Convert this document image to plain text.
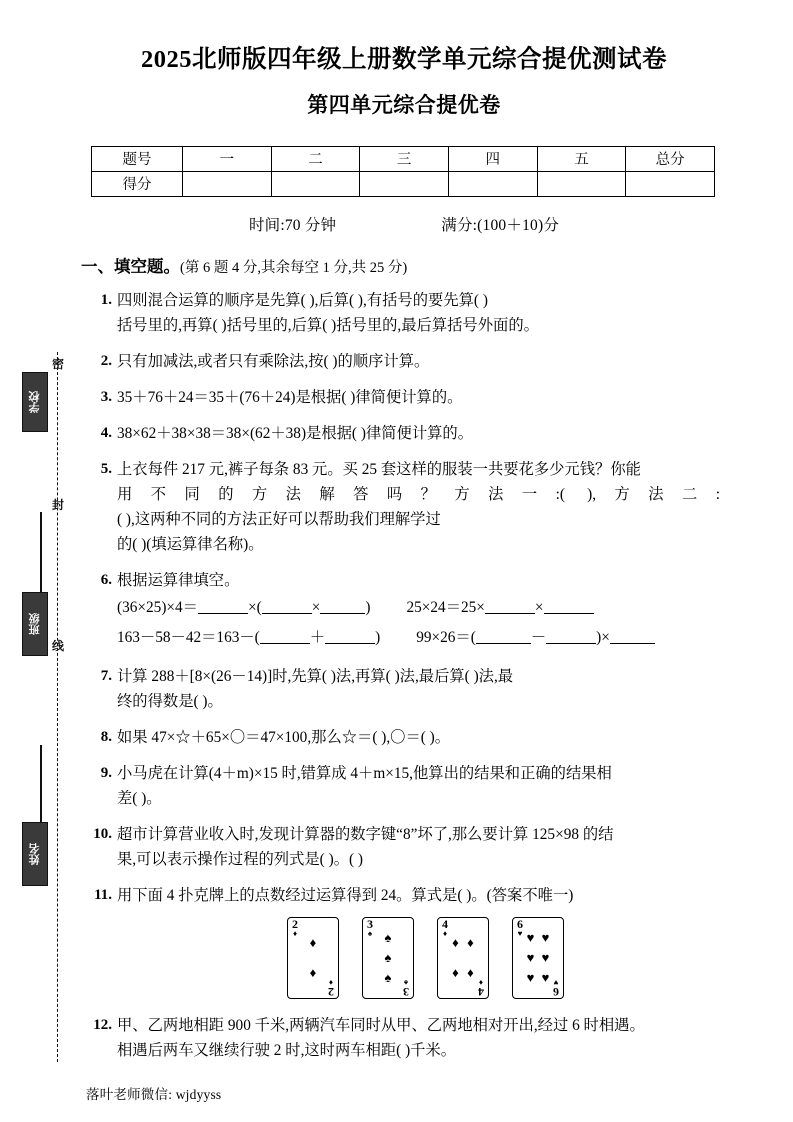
密
封
线
学校
班级
姓名
2025北师版四年级上册数学单元综合提优测试卷
第四单元综合提优卷
题号	一	二	三	四	五	总分
得分						
时间:70 分钟	满分:(100＋10)分
一、填空题。(第 6 题 4 分,其余每空 1 分,共 25 分)
1. 四则混合运算的顺序是先算( ),后算( ),有括号的要先算( )
括号里的,再算( )括号里的,后算( )括号里的,最后算括号外面的。
2. 只有加减法,或者只有乘除法,按( )的顺序计算。
3. 35＋76＋24＝35＋(76＋24)是根据( )律简便计算的。
4. 38×62＋38×38＝38×(62＋38)是根据( )律简便计算的。
5. 上衣每件 217 元,裤子每条 83 元。买 25 套这样的服装一共要花多少元钱？你能
用不同的方法解答吗？方法一:( ),方法二:
( ),这两种不同的方法正好可以帮助我们理解学过
的( )(填运算律名称)。
6. 根据运算律填空。
(36×25)×4＝	×(	×	) 25×24＝25×	×
163－58－42＝163－(	＋	) 99×26＝(	－	)×
7. 计算 288＋[8×(26－14)]时,先算( )法,再算( )法,最后算( )法,最
终的得数是( )。
8. 如果 47×☆＋65×〇＝47×100,那么☆＝( ),〇＝( )。
9. 小马虎在计算(4＋m)×15 时,错算成 4＋m×15,他算出的结果和正确的结果相
差( )。
10. 超市计算营业收入时,发现计算器的数字键“8”坏了,那么要计算 125×98 的结
果,可以表示操作过程的列式是( )。( )
11. 用下面 4 扑克牌上的点数经过运算得到 24。算式是( )。(答案不唯一)
2
♦
♦
♦
2
♦
3
♠ ♠
♠
♠
3
♠
4
♦
♦ ♦
♦ ♦
4
♦
6
♥ ♥ ♥
♥ ♥
♥ ♥
6
♥
12. 甲、乙两地相距 900 千米,两辆汽车同时从甲、乙两地相对开出,经过 6 时相遇。
相遇后两车又继续行驶 2 时,这时两车相距( )千米。
落叶老师微信: wjdyyss
